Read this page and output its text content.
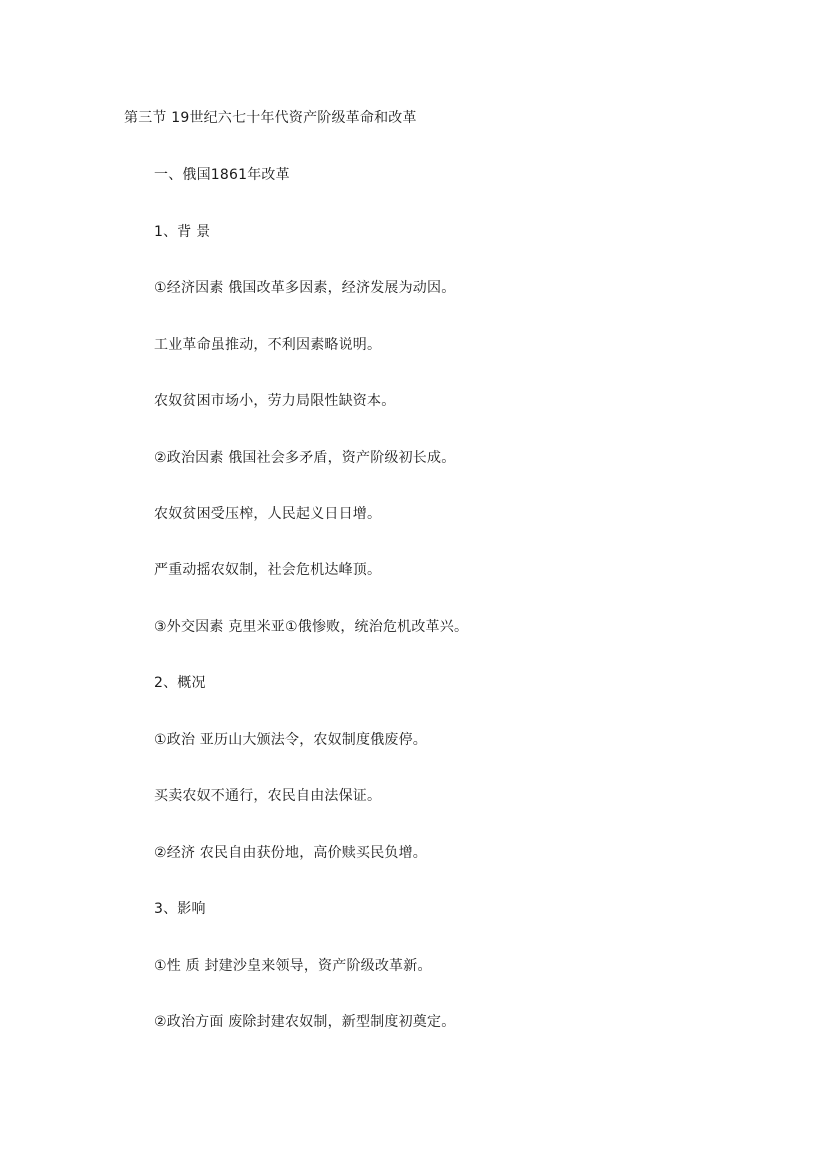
第三节 19世纪六七十年代资产阶级革命和改革
一、俄国1861年改革
1、背 景
①经济因素 俄国改革多因素，经济发展为动因。
工业革命虽推动，不利因素略说明。
农奴贫困市场小，劳力局限性缺资本。
②政治因素 俄国社会多矛盾，资产阶级初长成。
农奴贫困受压榨，人民起义日日增。
严重动摇农奴制，社会危机达峰顶。
③外交因素 克里米亚①俄惨败，统治危机改革兴。
2、概况
①政治 亚历山大颁法令，农奴制度俄废停。
买卖农奴不通行，农民自由法保证。
②经济 农民自由获份地，高价赎买民负增。
3、影响
①性 质 封建沙皇来领导，资产阶级改革新。
②政治方面 废除封建农奴制，新型制度初奠定。
